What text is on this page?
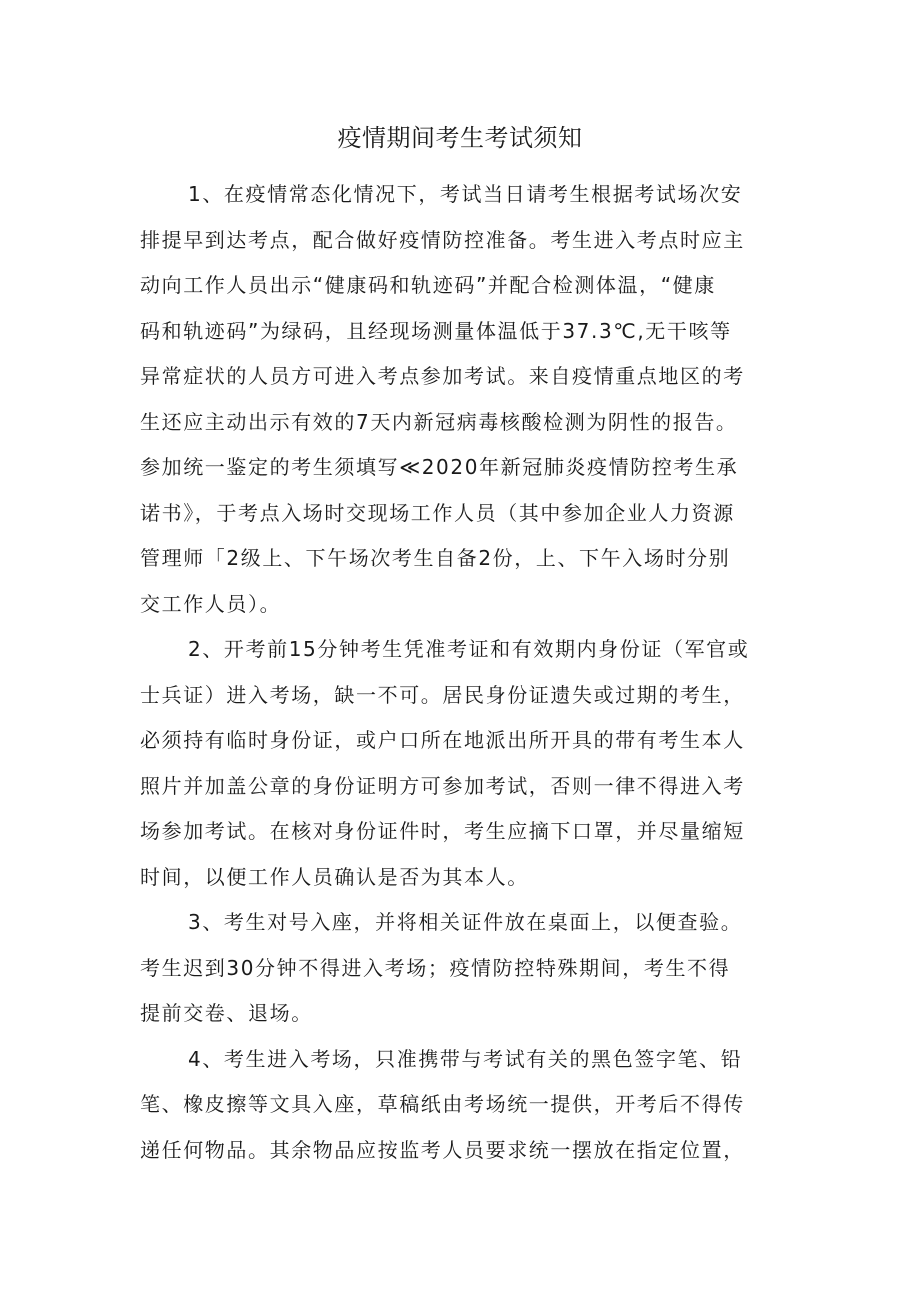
疫情期间考生考试须知

1、在疫情常态化情况下，考试当日请考生根据考试场次安
排提早到达考点，配合做好疫情防控准备。考生进入考点时应主
动向工作人员出示“健康码和轨迹码”并配合检测体温，“健康
码和轨迹码”为绿码，且经现场测量体温低于37.3℃,无干咳等
异常症状的人员方可进入考点参加考试。来自疫情重点地区的考
生还应主动出示有效的7天内新冠病毒核酸检测为阴性的报告。
参加统一鉴定的考生须填写≪2020年新冠肺炎疫情防控考生承
诺书》，于考点入场时交现场工作人员（其中参加企业人力资源
管理师「2级上、下午场次考生自备2份，上、下午入场时分别
交工作人员）。

2、开考前15分钟考生凭准考证和有效期内身份证（军官或
士兵证）进入考场，缺一不可。居民身份证遗失或过期的考生，
必须持有临时身份证，或户口所在地派出所开具的带有考生本人
照片并加盖公章的身份证明方可参加考试，否则一律不得进入考
场参加考试。在核对身份证件时，考生应摘下口罩，并尽量缩短
时间，以便工作人员确认是否为其本人。

3、考生对号入座，并将相关证件放在桌面上，以便查验。
考生迟到30分钟不得进入考场；疫情防控特殊期间，考生不得
提前交卷、退场。

4、考生进入考场，只准携带与考试有关的黑色签字笔、铅
笔、橡皮擦等文具入座，草稿纸由考场统一提供，开考后不得传
递任何物品。其余物品应按监考人员要求统一摆放在指定位置，
